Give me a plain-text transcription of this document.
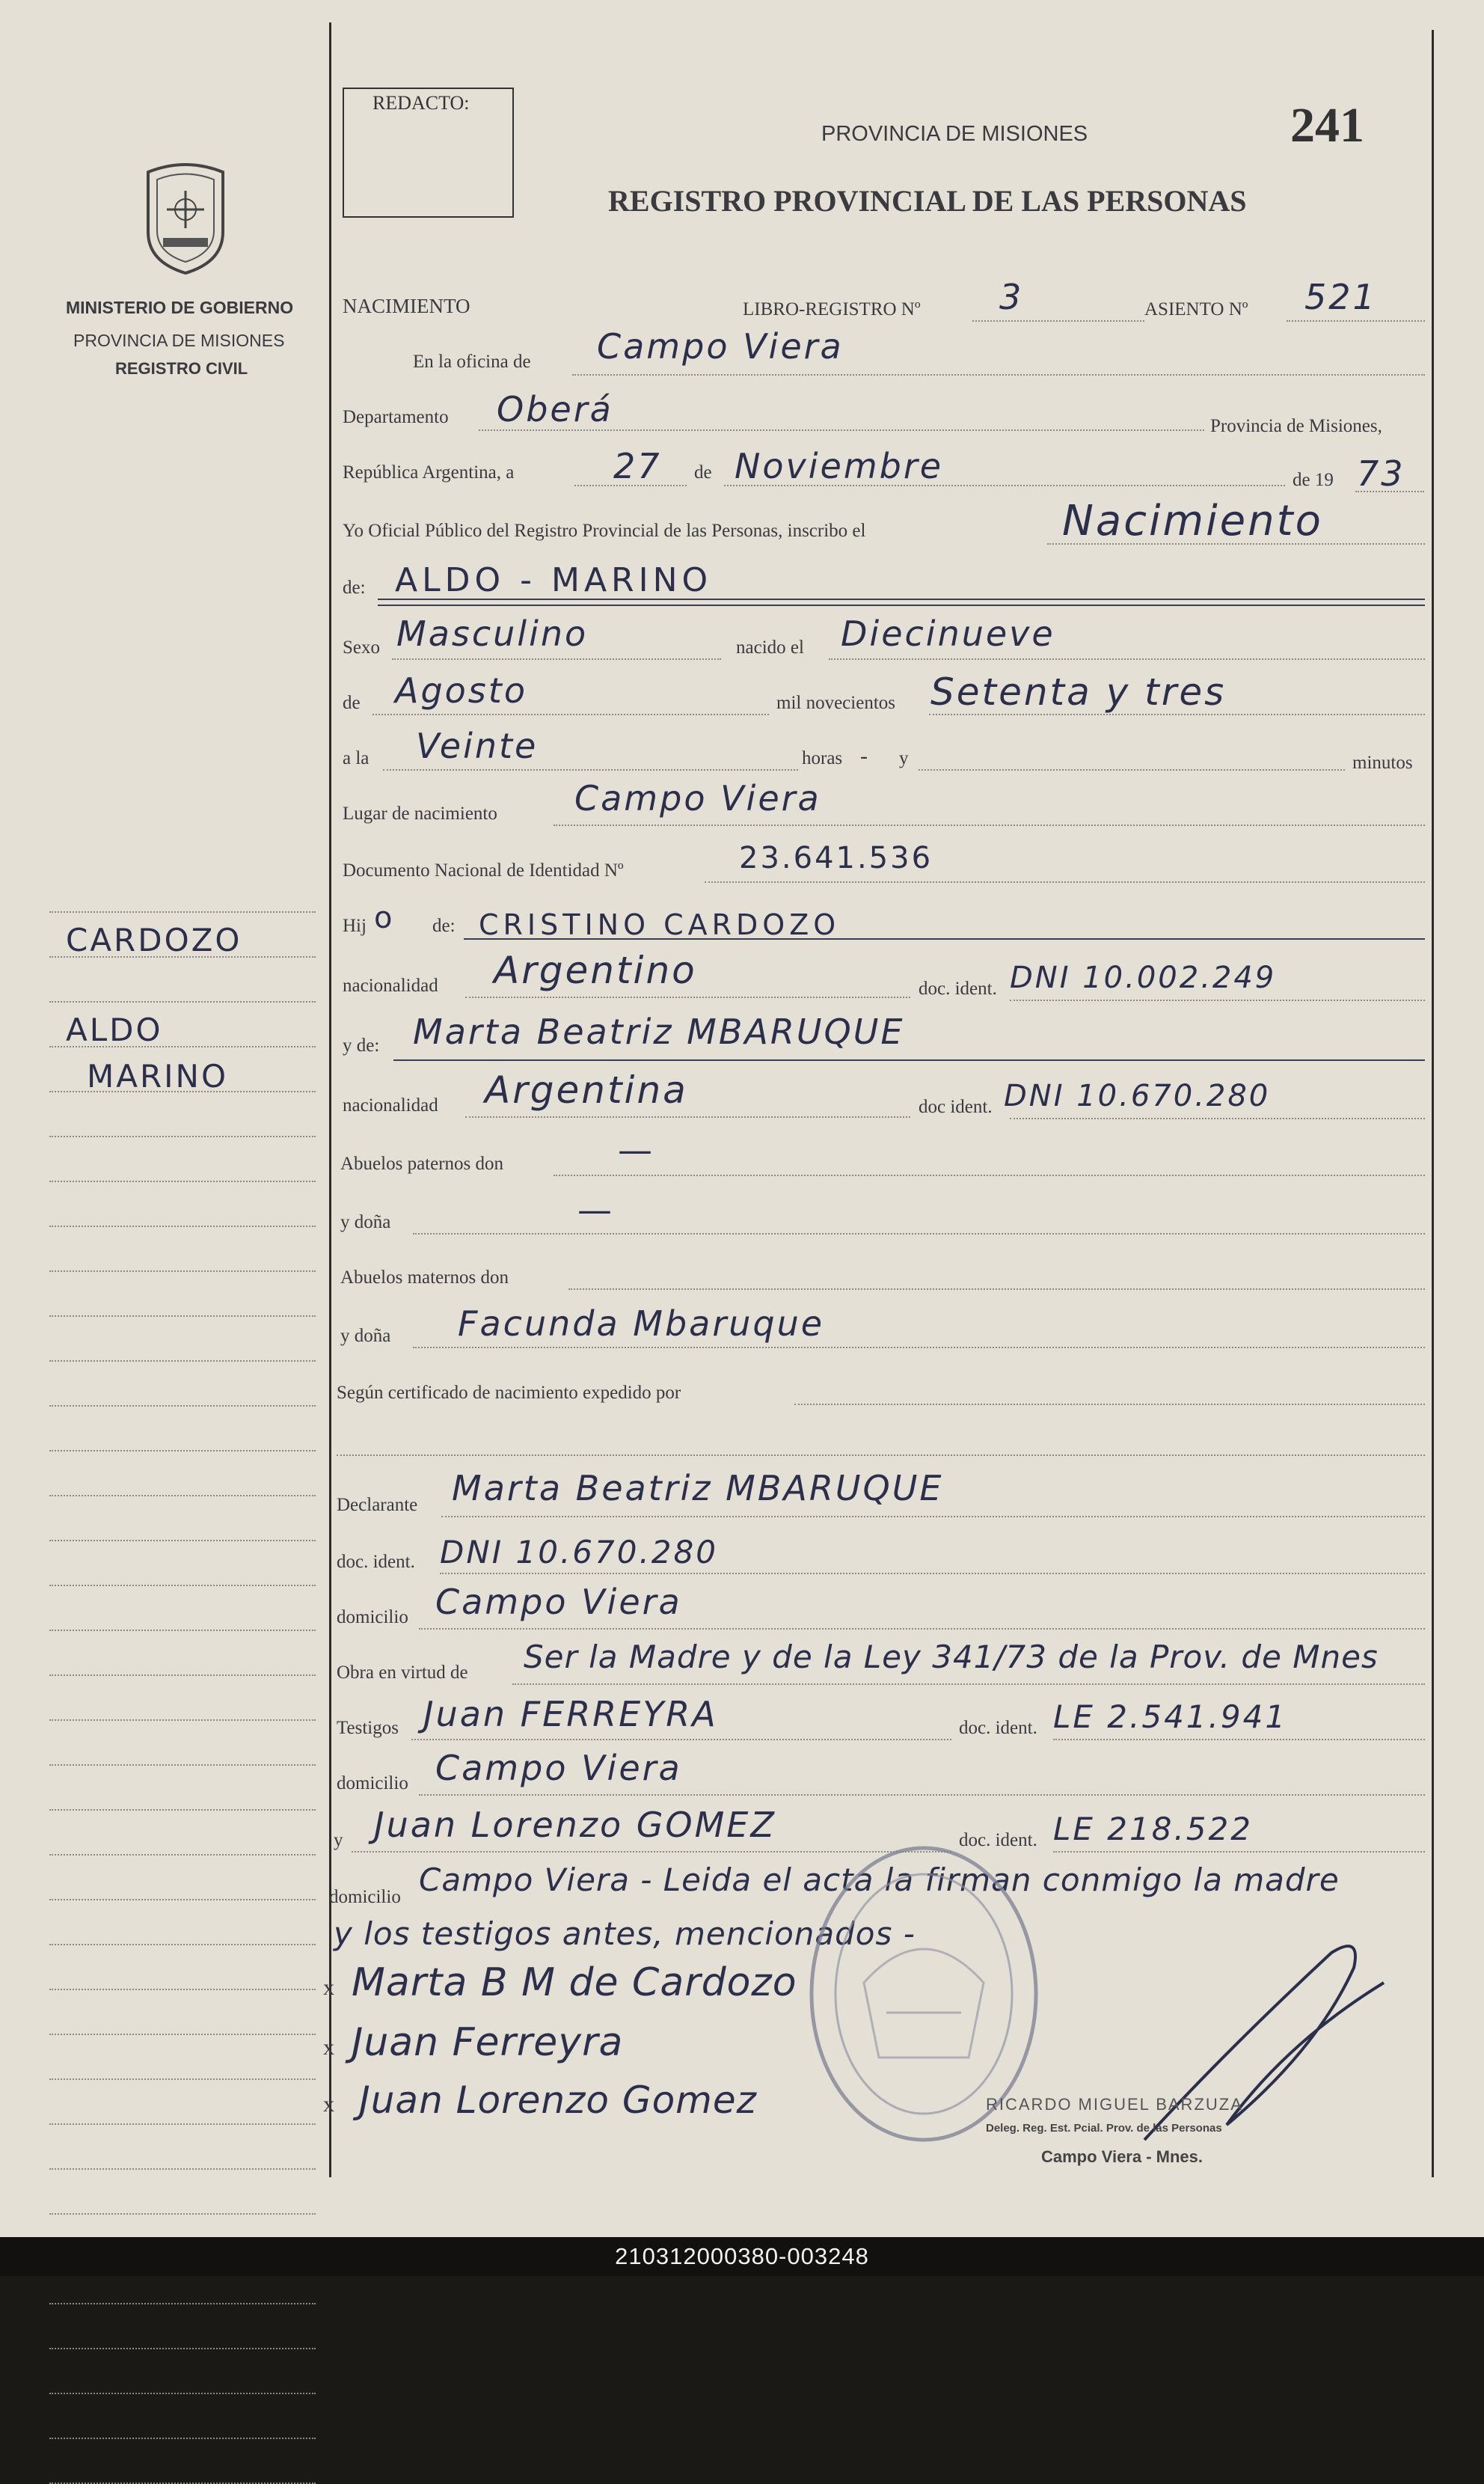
MINISTERIO DE GOBIERNO
PROVINCIA DE MISIONES
REGISTRO CIVIL
CARDOZO
ALDO
MARINO
REDACTO:
PROVINCIA DE MISIONES
REGISTRO PROVINCIAL DE LAS PERSONAS
241
NACIMIENTO	LIBRO-REGISTRO Nº 3	ASIENTO Nº 521
En la oficina de Campo Viera
Departamento Oberá	Provincia de Misiones,
República Argentina, a	27 de Noviembre	de 19 73
Yo Oficial Público del Registro Provincial de las Personas, inscribo el	Nacimiento
de: ALDO - MARINO
Sexo Masculino	nacido el Diecinueve
de Agosto	mil novecientos Setenta y tres
a la Veinte	horas - y	minutos
Lugar de nacimiento Campo Viera
Documento Nacional de Identidad Nº	23.641.536
Hij o de: CRISTINO CARDOZO
nacionalidad Argentino	doc. ident. DNI 10.002.249
y de: Marta Beatriz MBARUQUE
nacionalidad Argentina	doc ident. DNI 10.670.280
Abuelos paternos don	—
y doña	—
Abuelos maternos don
y doña Facunda Mbaruque
Según certificado de nacimiento expedido por
Declarante Marta Beatriz MBARUQUE
doc. ident. DNI 10.670.280
domicilio Campo Viera
Obra en virtud de Ser la Madre y de la Ley 341/73 de la Prov. de Mnes
Testigos Juan FERREYRA	doc. ident. LE 2.541.941
domicilio Campo Viera
y Juan Lorenzo GOMEZ	doc. ident. LE 218.522
domicilio Campo Viera - Leida el acta la firman conmigo la madre
y los testigos antes, mencionados -
x Marta B M de Cardozo
x Juan Ferreyra
x Juan Lorenzo Gomez	RICARDO MIGUEL BARZUZA
Deleg. Reg. Est. Pcial. Prov. de las Personas
Campo Viera - Mnes.
210312000380-003248
